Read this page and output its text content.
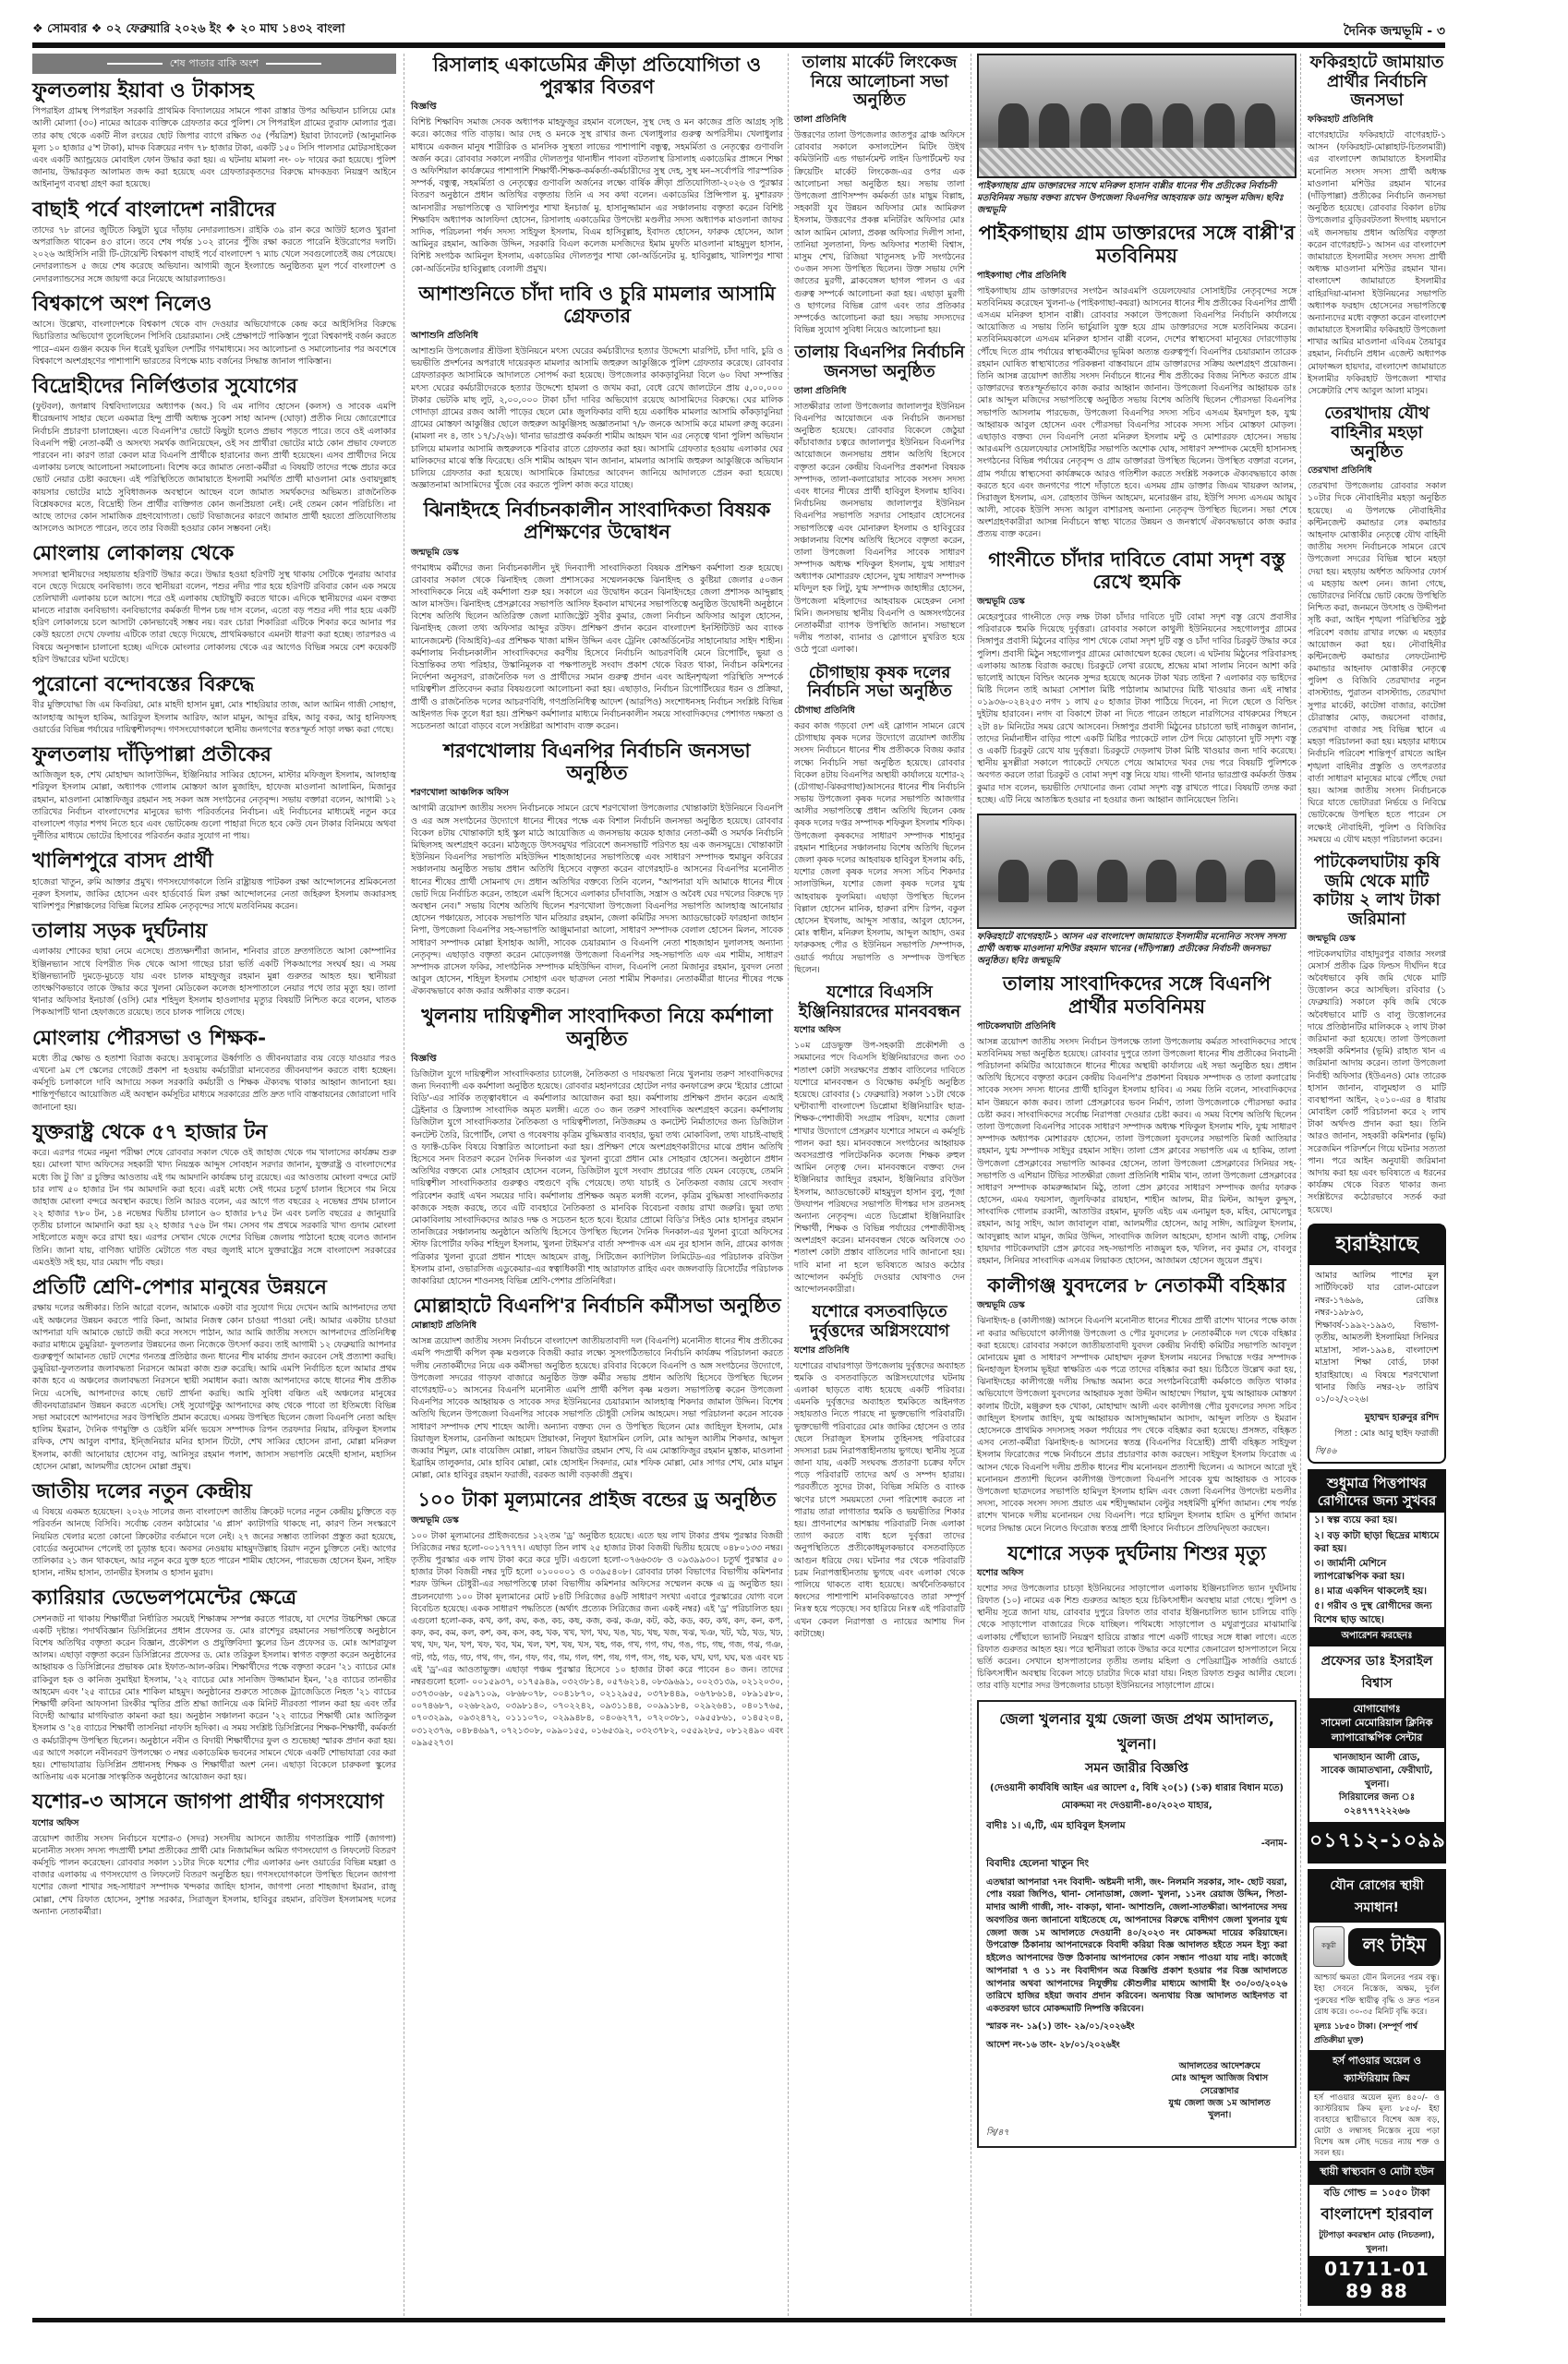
❖ সোমবার ❖ ০২ ফেব্রুয়ারি ২০২৬ ইং ❖ ২০ মাঘ ১৪৩২ বাংলা	দৈনিক জন্মভূমি - ৩
শেষ পাতার বাকি অংশ
ফুলতলায় ইয়াবা ও টাকাসহ
পিপরাইল গ্রামস্থ পিপরাইল সরকারি প্রাথমিক বিদ্যালয়ের সামনে পাকা রাস্তার উপর অভিযান চালিয়ে মোঃ আলী মোল্যা (৩০) নামের আরেক ব্যক্তিকে গ্রেফতার করে পুলিশ। সে পিপরাইল গ্রামের তুরাফ মোল্যার পুত্র। তার কাছ থেকে একটি নীল রংয়ের ছোট জিপার ব্যাগে রক্ষিত ৩৫ (পঁয়ত্রিশ) ইয়াবা ট্যাবলেট (আনুমানিক মূল্য ১০ হাজার ৫'শ টাকা), মাদক বিক্রয়ের নগদ ৭৮ হাজার টাকা, একটি ১৫০ সিসি পালসার মোটরসাইকেল এবং একটি অ্যান্ড্রয়েড মোবাইল ফোন উদ্ধার করা হয়। এ ঘটনায় মামলা নং- ০৮ দায়ের করা হয়েছে। পুলিশ জানায়, উদ্ধারকৃত আলামত জব্দ করা হয়েছে এবং গ্রেফতারকৃতদের বিরুদ্ধে মাদকদ্রব্য নিয়ন্ত্রণ আইনে আইনানুগ ব্যবস্থা গ্রহণ করা হয়েছে।
বাছাই পর্বে বাংলাদেশ নারীদের
তাদের ৭৮ রানের জুটিতে কিছুটা ঘুরে দাঁড়ায় নেদারল্যান্ডস। রাইকি ৩৯ রান করে আউট হলেও খুরানা অপরাজিত থাকেন ৪৩ রানে। তবে শেষ পর্যন্ত ১০২ রানের পুঁজি রক্ষা করতে পারেনি ইউরোপের দলটি। ২০২৬ আইসিসি নারী টি-টোয়েন্টি বিশ্বকাপ বাছাই পর্বে বাংলাদেশ ৭ ম্যাচ খেলে সবগুলোতেই জয় পেয়েছে। নেদারল্যান্ডস ৫ জয়ে শেষ করেছে অভিযান। আগামী জুনে ইংল্যান্ডে অনুষ্ঠিতব্য মূল পর্বে বাংলাদেশ ও নেদারল্যান্ডসের সঙ্গে জায়গা করে নিয়েছে আয়ারল্যান্ডও।
বিশ্বকাপে অংশ নিলেও
আসে। উল্লেখ্য, বাংলাদেশকে বিশ্বকাপ থেকে বাদ দেওয়ার অভিযোগকে কেন্দ্র করে আইসিসির বিরুদ্ধে দ্বিচারিতার অভিযোগ তুলেছিলেন পিসিবি চেয়ারম্যান। সেই প্রেক্ষাপটে পাকিস্তান পুরো বিশ্বকাপই বর্জন করতে পারে–এমন গুঞ্জন কয়েক দিন ধরেই ঘুরছিল দেশটির গণমাধ্যমে। সব আলোচনা ও সমালোচনার পর অবশেষে বিশ্বকাপে অংশগ্রহণের পাশাপাশি ভারতের বিপক্ষে ম্যাচ বর্জনের সিদ্ধান্ত জানাল পাকিস্তান।
বিদ্রোহীদের নির্লিপ্ততার সুযোগের
(ফুটবল), জগন্নাথ বিশ্ববিদ্যালয়ের অধ্যাপক (অব.) বি এম নাগিব হোসেন (কলস) ও সাবেক এমপি ধীরেন্দ্রনাথ সাহার ছেলে একমাত্র হিন্দু প্রার্থী অধ্যক্ষ সুকেশ সাহা আনন্দ (ঘোড়া) প্রতীক নিয়ে জোরেশোরে নির্বাচনি প্রচারণা চালাচ্ছেন। এতে বিএনপি'র ভোটে কিছুটা হলেও প্রভাব পড়তে পারে। তবে ওই এলাকার বিএনপি পন্থী নেতা-কর্মী ও অসংখ্য সমর্থক জানিয়েছেন, ওই সব প্রার্থীরা ভোটের মাঠে কোন প্রভাব ফেলতে পারবেন না। কারণ তারা কেবল মাত্র বিএনপি প্রার্থীকে হারানোর জন্য প্রার্থী হয়েছেন। এসব প্রার্থীদের নিয়ে এলাকায় চলছে আলোচনা সমালোচনা। বিশেষ করে জামাত নেতা-কর্মীরা এ বিষয়টি তাদের পক্ষে প্রচার করে ভোট নেয়ার চেষ্টা করছেন। এই পরিস্থিতিতে জামায়াতে ইসলামী সমর্থিত প্রার্থী মাওলানা মোঃ ওবায়দুল্লাহ কায়সার ভোটের মাঠে সুবিধাজনক অবস্থানে আছেন বলে জামাত সমর্থকদের অভিমত। রাজনৈতিক বিশ্লেষকদের মতে, বিদ্রোহী তিন প্রার্থীর ব্যক্তিগত কোন জনপ্রিয়তা নেই। নেই তেমন কোন পরিচিতি। না আছে তাদের কোন সামাজিক গ্রহণযোগ্যতা। ভোট বিভাজনের কারণে জামাত প্রার্থী হয়তো প্রতিযোগিতায় আসলেও আসতে পারেন, তবে তার বিজয়ী হওয়ার কোন সম্ভবনা নেই।
মোংলায় লোকালয় থেকে
সদস্যরা স্থানীয়দের সহায়তায় হরিণটি উদ্ধার করে। উদ্ধার হওয়া হরিণটি সুস্থ থাকায় সেটিকে পুনরায় আবার বনে ছেড়ে দিয়েছে বনবিভাগ। তবে স্থানীয়রা বলেন, পশুর নদীর পার হয়ে হরিণটি রবিবার কোন এক সময়ে তেলিখালী এলাকায় চলে আসে। পরে ওই এলাকায় ছোটাছুটি করতে থাকে। এদিকে স্থানীয়দের এমন বক্তব্য মানতে নারাজ বনবিভাগ। বনবিভাগের কর্মকর্তা দীপন চন্দ্র দাস বলেন, এতো বড় পশুর নদী পার হয়ে একটি হরিণ লোকালয়ে চলে আসাটা কোনভাবেই সম্ভব নয়। বরং চোরা শিকারিরা এটিকে শিকার করে আনার পর কেউ হয়তো দেখে ফেলায় এটিকে তারা ছেড়ে দিয়েছে, প্রাথমিকভাবে এমনটা ধারণা করা হচ্ছে। তারপরও এ বিষয়ে অনুসন্ধান চালানো হচ্ছে। এদিকে মোংলার লোকালয় থেকে এর আগেও বিভিন্ন সময়ে বেশ কয়েকটি হরিণ উদ্ধারের ঘটনা ঘটেছে।
পুরোনো বন্দোবস্তের বিরুদ্ধে
বীর মুক্তিযোদ্ধা জি এম কিবরিয়া, মোঃ মাহদী হাসান মুন্না, মোঃ শাহরিয়ার তাজ, আল আমিন গাজী সোহাগ, আলহাজ্ব আব্দুল হাকিম, আরিফুল ইসলাম আরিফ, আল মামুন, আব্দুর রহিম, আবু বকর, আবু হানিফসহ ওয়ার্ডের বিভিন্ন পর্যায়ের দায়িত্বশীলবৃন্দ। গণসংযোগকালে স্থানীয় জনগণের স্বতঃস্ফূর্ত সাড়া লক্ষ্য করা গেছে।
ফুলতলায় দাঁড়িপাল্লা প্রতীকের
আজিজুল হক, শেখ মোহাম্মদ আলাউদ্দিন, ইঞ্জিনিয়ার সাব্বির হোসেন, মাস্টার মফিজুল ইসলাম, আলহাজ্ব শরিফুল ইসলাম মোল্লা, অধ্যাপক গোলাম মোস্তফা আল মুজাহিদ, হাফেজ মাওলানা আলামিন, মিজানুর রহমান, মাওলানা মোস্তাফিজুর রহমান সহ সকল অঙ্গ সংগঠনের নেতৃবৃন্দ। সভায় বক্তারা বলেন, আগামী ১২ তারিখের নির্বাচন বাংলাদেশের মানুষের ভাগ্য পরিবর্তনের নির্বাচন। এই নির্বাচনের মাধ্যমেই নতুন করে বাংলাদেশ গড়ার শপথ নিতে হবে এবং ভোটকেন্দ্র গুলো পাহারা দিতে হবে কেউ যেন টাকার বিনিময়ে অথবা দুর্নীতির মাধ্যমে ভোটের হিসাবের পরিবর্তন করার সুযোগ না পায়।
খালিশপুরে বাসদ প্রার্থী
হাজেরা খাতুন, রুমি আক্তার প্রমুখ। গণসংযোগকালে তিনি রাষ্ট্রায়ত্ত পাটকল রক্ষা আন্দোলনের শ্রমিকনেতা নূরুল ইসলাম, জাকির হোসেন এবং হার্ডবোর্ড মিল রক্ষা আন্দোলনের নেতা জহিরুল ইসলাম জব্বারসহ খালিশপুর শিল্পাঞ্চলের বিভিন্ন মিলের শ্রমিক নেতৃবৃন্দের সাথে মতবিনিময় করেন।
তালায় সড়ক দুর্ঘটনায়
এলাকায় শোকের ছায়া নেমে এসেছে। প্রত্যক্ষদর্শীরা জানান, শনিবার রাতে দ্রুতগতিতে আসা কোম্পানির ইঞ্জিনভ্যান সাথে বিপরীত দিক থেকে আসা গাছের চারা ভর্তি একটি পিকআপের সংঘর্ষ হয়। এ সময় ইঞ্জিনভ্যানটি দুমড়ে-মুচড়ে যায় এবং চালক মাহফুজুর রহমান মুন্না গুরুতর আহত হয়। স্থানীয়রা তাৎক্ষণিকভাবে তাকে উদ্ধার করে খুলনা মেডিকেল কলেজ হাসপাতালে নেয়ার পথে তার মৃত্যু হয়। তালা থানার অফিসার ইনচার্জ (ওসি) মোঃ শহিদুল ইসলাম হাওলাদার মৃত্যুর বিষয়টি নিশ্চিত করে বলেন, ঘাতক পিকআপটি থানা হেফাজতে রয়েছে। তবে চালক পালিয়ে গেছে।
মোংলায় পৌরসভা ও শিক্ষক-
মধ্যে তীব্র ক্ষোভ ও হতাশা বিরাজ করছে। দ্রব্যমূল্যের ঊর্ধ্বগতি ও জীবনযাত্রার ব্যয় বেড়ে যাওয়ার পরও এখনো ৯ম পে স্কেলের গেজেট প্রকাশ না হওয়ায় কর্মচারীরা মানবেতর জীবনযাপন করতে বাধ্য হচ্ছেন। কর্মসূচি চলাকালে দাবি আদায়ে সকল সরকারি কর্মচারী ও শিক্ষক ঐক্যবদ্ধ থাকার আহ্বান জানানো হয়। শান্তিপূর্ণভাবে আয়োজিত এই অবস্থান কর্মসূচির মাধ্যমে সরকারের প্রতি দ্রুত দাবি বাস্তবায়নের জোরালো দাবি জানানো হয়।
যুক্তরাষ্ট্র থেকে ৫৭ হাজার টন
করে। এরপর গমের নমুনা পরীক্ষা শেষে রোববার সকাল থেকে ওই জাহাজ থেকে গম খালাসের কার্যক্রম শুরু হয়। মোংলা খাদ্য অফিসের সহকারী খাদ্য নিয়ন্ত্রক আব্দুস সোবহান সরদার জানান, যুক্তরাষ্ট্র ও বাংলাদেশের মধ্যে জি টু জি' র চুক্তির আওতায় এই গম আমদানি কার্যক্রম চালু রয়েছে। এর আওতায় মোংলা বন্দরে মোট চার লাখ ৫০ হাজার টন গম আমদানি করা হবে। এরই মধ্যে সেই গমের চতুর্থ চালান হিসেবে গম নিয়ে জাহাজ মোংলা বন্দরে অবস্থান করছে। তিনি আরও বলেন, এর আগে গত বছরের ২ নভেম্বর প্রথম চালানে ২২ হাজার ৭৮০ টন, ১৪ নভেম্বর দ্বিতীয় চালানে ৬০ হাজার ৮৭৫ টন এবং চলতি বছরের ৫ জানুয়ারি তৃতীয় চালানে আমদানি করা হয় ২২ হাজার ৭৫৬ টন গম। সেসব গম প্রথমে সরকারি খাদ্য গুদাম মোংলা সাইলোতে মজুদ করে রাখা হয়। এরপর সেখান থেকে দেশের বিভিন্ন জেলায় পাঠানো হচ্ছে বলেও জানান তিনি। জানা যায়, বাণিজ্য ঘাটতি মেটাতে গত বছর জুলাই মাসে যুক্তরাষ্ট্রের সঙ্গে বাংলাদেশ সরকারের এমওইউ সই হয়, যার মেয়াদ পাঁচ বছর।
প্রতিটি শ্রেণি-পেশার মানুষের উন্নয়নে
রক্ষায় দলের অঙ্গীকার। তিনি আরো বলেন, আমাকে একটা বার সুযোগ দিয়ে দেখেন আমি আপনাদের তথা এই অঞ্চলের উন্নয়ন করতে পারি কিনা, আমার নিজস্ব কোন চাওয়া পাওয়া নেই। আমার একটায় চাওয়া আপনারা যদি আমাকে ভোটে জয়ী করে সংসদে পাঠান, আর আমি জাতীয় সংসদে আপনাদের প্রতিনিধিত্ব করার মাধ্যমে ডুমুরিয়া- ফুলতলার উন্নয়নের জন্য নিজেকে উৎসর্গ করব। তাই আগামী ১২ ফেব্রুয়ারি আপনার গুরুত্বপূর্ণ আমানত ভোট দেশের গনতন্ত্র প্রতিষ্ঠার জন্য ধানের শীষ মার্কায় প্রদান করবেন সেই প্রত্যাশা করছি। ডুমুরিয়া-ফুলতলার জলাবদ্ধতা নিরসনে আমরা কাজ শুরু করেছি। আমি এমপি নির্বাচিত হলে আমার প্রথম কাজ হবে এ অঞ্চলের জলাবদ্ধতা নিরসনে স্থায়ী সমাধান করা। আজ আপনাদের কাছে ধানের শীষ প্রতীক নিয়ে এসেছি, আপনাদের কাছে ভোট প্রার্থনা করছি। আমি সুবিধা বঞ্চিত এই অঞ্চলের মানুষের জীবনযাত্রারমান উন্নয়ন করতে এসেছি। সেই সুযোগটুকু আপনাদের কাছ থেকে পাবো তা ইতিমধ্যে বিভিন্ন সভা সমাবেশে আপনাদের সরব উপস্থিতি প্রমান করেছে। এসময় উপস্থিত ছিলেন জেলা বিএনপি নেতা অহিদ হালিম ইমরান, দৈনিক গণমুক্তি ও ডেইলি মর্নিং ভয়েস সম্পাদক রিপন তরফদার নিয়াম, রফিকুল ইসলাম রফিক, শেখ আবুল বাশার, ইন্জিনিয়ার মনির হাসান টিটো, শেখ সাব্বির হোসেন রানা, মোল্লা মনিরুল ইসলাম, কাজী আনোয়ার হোসেন বাবু, আনিসুর রহমান পলাশ, জাসাস সভাপতি মেহেদী হাসান, মহাসিন হোসেন মোল্লা, আলমগীর হোসেন মোল্লা প্রমুখ।
জাতীয় দলের নতুন কেন্দ্রীয়
এ বিষয়ে একমত হয়েছেন। ২০২৬ সালের জন্য বাংলাদেশ জাতীয় ক্রিকেট দলের নতুন কেন্দ্রীয় চুক্তিতে বড় পরিবর্তন আনছে বিসিবি। সর্বোচ্চ বেতন কাঠামোর 'এ প্লাস' ক্যাটাগরি থাকছে না, কারণ তিন সংস্করণে নিয়মিত খেলার মতো কোনো ক্রিকেটার বর্তমানে দলে নেই। ২৭ জনের সম্ভাব্য তালিকা প্রস্তুত করা হয়েছে, বোর্ডের অনুমোদন পেলেই তা চূড়ান্ত হবে। অবসর নেওয়ায় মাহমুদউল্লাহ রিয়াদ নতুন চুক্তিতে নেই। আগের তালিকার ২১ জন থাকছেন, আর নতুন করে যুক্ত হতে পারেন শামীম হোসেন, পারভেজ হোসেন ইমন, সাইফ হাসান, নাঈম হাসান, তানভীর ইসলাম ও হাসান মুরাদ।
ক্যারিয়ার ডেভেলপমেন্টের ক্ষেত্রে
সেশনজট না থাকায় শিক্ষার্থীরা নির্ধারিত সময়েই শিক্ষাক্রম সম্পন্ন করতে পারছে, যা দেশের উচ্চশিক্ষা ক্ষেত্রে একটি দৃষ্টান্ত। পদার্থবিজ্ঞান ডিসিপ্লিনের প্রধান প্রফেসর ড. মোঃ রাশেদুর রহমানের সভাপতিত্বে অনুষ্ঠানে বিশেষ অতিথির বক্তৃতা করেন বিজ্ঞান, প্রকৌশল ও প্রযুক্তিবিদ্যা স্কুলের ডিন প্রফেসর ড. মোঃ আশরাফুল আলম। এছাড়া বক্তৃতা করেন ডিসিপ্লিনের প্রফেসর ড. মোঃ তরিকুল ইসলাম। স্বাগত বক্তৃতা করেন অনুষ্ঠানের আহ্বায়ক ও ডিসিপ্লিনের প্রভাষক মোঃ ইফাত-আল-করিম। শিক্ষার্থীদের পক্ষে বক্তৃতা করেন '২১ ব্যাচের মোঃ রাকিবুল হক ও কানিজ সুমাইয়া ইসলাম, '২২ ব্যাচের মোঃ সানজিদ উজ্জামান ইমন, '২৪ ব্যাচের তানভীর আহমেদ এবং '২৫ ব্যাচের মোঃ শাকিল মাহমুদ। অনুষ্ঠানের শুরুতে সাজেক ট্র্যাজেডিতে নিহত '২১ ব্যাচের শিক্ষার্থী রুবিনা আফসানা রিংকীর স্মৃতির প্রতি শ্রদ্ধা জানিয়ে এক মিনিট নীরবতা পালন করা হয় এবং তাঁর বিদেহী আত্মার মাগফিরাত কামনা করা হয়। অনুষ্ঠান সঞ্চালনা করেন '২২ ব্যাচের শিক্ষার্থী মোঃ আতিকুল ইসলাম ও '২৪ ব্যাচের শিক্ষার্থী তাসনিয়া নাফসি হৃদিকা। এ সময় সংশ্লিষ্ট ডিসিপ্লিনের শিক্ষক-শিক্ষার্থী, কর্মকর্তা ও কর্মচারীবৃন্দ উপস্থিত ছিলেন। অনুষ্ঠানে নবীন ও বিদায়ী শিক্ষার্থীদের ফুল ও শুভেচ্ছা স্মারক প্রদান করা হয়। এর আগে সকালে নবীনবরণ উপলক্ষ্যে ৩ নম্বর একাডেমিক ভবনের সামনে থেকে একটি শোভাযাত্রা বের করা হয়। শোভাযাত্রায় ডিসিপ্লিন প্রধানসহ শিক্ষক ও শিক্ষার্থীরা অংশ নেন। এছাড়া বিকেলে চারুকলা স্কুলের আঙিনায় এক মনোজ্ঞ সাংস্কৃতিক অনুষ্ঠানের আয়োজন করা হয়।
যশোর-৩ আসনে জাগপা প্রার্থীর গণসংযোগ
যশোর অফিস
ত্রয়োদশ জাতীয় সংসদ নির্বাচনে যশোর-৩ (সদর) সংসদীয় আসনে জাতীয় গণতান্ত্রিক পার্টি (জাগপা) মনোনীত সংসদ সদস্য পদপ্রার্থী চশমা প্রতীকের প্রার্থী মোঃ নিজামদ্দিন অমিত গণসংযোগ ও লিফলেট বিতরণ কর্মসূচি পালন করেছেন। রোববার সকাল ১১টার দিকে যশোর পৌর এলাকার ৬নং ওয়ার্ডের বিভিন্ন মহল্লা ও বাজার এলাকায় এ গণসংযোগ ও লিফলেট বিতরণ অনুষ্ঠিত হয়। গণসংযোগকালে উপস্থিত ছিলেন জাগপা যশোর জেলা শাখার সহ-সাধারণ সম্পাদক খন্দকার জাহিদ হাসান, জাগপা নেতা শাহজাদা ইমরান, রাজু মোল্লা, শেখ রিফাত হোসেন, সুশান্ত সরকার, সিরাজুল ইসলাম, হাবিবুর রহমান, রবিউল ইসলামসহ দলের অন্যান্য নেতাকর্মীরা।
রিসালাহ একাডেমির ক্রীড়া প্রতিযোগিতা ও পুরস্কার বিতরণ
বিজ্ঞপ্তি
বিশিষ্ট শিক্ষাবিদ সমাজ সেবক অধ্যাপক মাহফুজুর রহমান বলেছেন, সুস্থ দেহ ও মন কাজের প্রতি আগ্রহ সৃষ্টি করে। কাজের গতি বাড়ায়। আর দেহ ও মনকে সুস্থ রাখার জন্য খেলাধুলার গুরুত্ব অপরিসীম। খেলাধুলার মাধ্যমে একজন মানুষ শারীরিক ও মানসিক সুস্থতা লাভের পাশাপাশি বন্ধুত্ব, সহমর্মিতা ও নেতৃত্বের গুণাবলি অর্জন করে। রোববার সকালে নগরীর দৌলতপুর থানাধীন পাবলা বটতলাস্থ রিসালাহ একাডেমির প্রাঙ্গনে শিক্ষা ও অফিশিয়াল কার্যক্রমের পাশাপাশি শিক্ষার্থী-শিক্ষক-কর্মকর্তা-কর্মচারীদের সুস্থ দেহ, সুস্থ মন–সর্বোপরি পারস্পরিক সম্পর্ক, বন্ধুত্ব, সহমর্মিতা ও নেতৃত্বের গুণাবলি অর্জনের লক্ষ্যে বার্ষিক ক্রীড়া প্রতিযোগিতা-২০২৬ ও পুরস্কার বিতরণ অনুষ্ঠানে প্রধান অতিথির বক্তৃতায় তিনি এ সব কথা বলেন। একাডেমির প্রিন্সিপাল মু. মুশাররফ আনসারীর সভাপতিত্বে ও খালিশপুর শাখা ইনচার্জ মু. হাসানুজ্জামান এর সঞ্চালনায় বক্তৃতা করেন বিশিষ্ট শিক্ষাবিদ অধ্যাপক আলফিদা হোসেন, রিসালাহ একাডেমির উপদেষ্টা মণ্ডলীর সদস্য অধ্যাপক মাওলানা জাফর সাদিক, পরিচলনা পর্ষদ সদস্য সাইফুল ইসলাম, বিএম হাসিবুল্লাহ, ইবাদত হোসেন, ফারুক হোসেন, আল আমিনুর রহমান, আকিজ উদ্দিন, সরকারি বিএল কলেজ মসজিদের ইমাম মুফতি মাওলানা মাহমুদুল হাসান, বিশিষ্ট সংগঠক আমিনুল ইসলাম, একাডেমির দৌলতপুর শাখা কো-অর্ডিনেটর মু. হাবিবুল্লাহ, খালিশপুর শাখা কো-অর্ডিনেটর হাবিবুল্লাহ বেলালী প্রমুখ।
আশাশুনিতে চাঁদা দাবি ও চুরি মামলার আসামি গ্রেফতার
আশাশুনি প্রতিনিধি
আশাশুনি উপজেলার শ্রীউলা ইউনিয়নে মৎস্য ঘেরের কর্মচারীদের হত্যার উদ্দেশ্যে মারপিট, চাঁদা দাবি, চুরি ও ভয়ভীতি প্রদর্শনের অপরাধে দায়েরকৃত মামলার আসামি জহুরুল আকুঞ্জিকে পুলিশ গ্রেফতার করেছে। রোববার গ্রেফতারকৃত আসামিকে আদালতে সোপর্দ্দ করা হয়েছে। উপজেলার কাকড়াবুনিয়া বিলে ৬০ বিঘা সম্পত্তির মৎস্য ঘেরের কর্মচারীদেরকে হত্যার উদ্দেশ্যে হামলা ও জখম করা, বেধে রেখে জালটেনে প্রায় ৫,০০,০০০ টাকার ভেটকি মাছ লুট, ২,০০,০০০ টাকা চাঁদা দাবির অভিযোগ রয়েছে আসামিদের বিরুদ্ধে। ঘের মালিক গোদাড়া গ্রামের রজব আলী পাড়ের ছেলে মোঃ জুলফিকার বাদী হয়ে একাধিক মামলার আসামি কাঁকড়াবুনিয়া গ্রামের মোস্তফা আকুঞ্জির ছোলে জহুরুল আকুঞ্জিসহ অজ্ঞাতনামা ৭/৮ জনকে আসামি করে মামলা রুজু করেন। (মামলা নং ৪, তাং ১৭/১/২৬)। থানার ভারপ্রাপ্ত কর্মকর্তা শামীম আহমদ খান এর নেতৃত্বে থানা পুলিশ অভিযান চালিয়ে মামলার আসামি জহুরুলকে শরিবার রাতে গ্রেফতার করা হয়। আসামি গ্রেফতার হওয়ায় এলাকার ঘের মালিকদের মাঝে স্বস্তি ফিরেছে। ওসি শামীম আহমদ খান জানান, মামলার আসামি জহুরুল আকুঞ্জিকে অভিযান চালিয়ে গ্রেফতার করা হয়েছে। আসামিকে রিমান্ডের আবেদন জানিয়ে আদালতে প্রেরন করা হয়েছে। অজ্ঞাতনামা আসামিদের খুঁজে বের করতে পুলিশ কাজ করে যাচ্ছে।
ঝিনাইদহে নির্বাচনকালীন সাংবাদিকতা বিষয়ক প্রশিক্ষণের উদ্বোধন
জন্মভূমি ডেস্ক
গণমাধ্যম কর্মীদের জন্য নির্বাচনকালীন দুই দিনব্যাপী সাংবাদিকতা বিষয়ক প্রশিক্ষণ কর্মশালা শুরু হয়েছে। রোববার সকাল থেকে ঝিনাইদহ জেলা প্রশাসকের সম্মেলনকক্ষে ঝিনাইদহ ও কুষ্টিয়া জেলার ৫০জন সাংবাদিককে নিয়ে এই কর্মশালা শুরু হয়। সকালে এর উদ্বোধন করেন ঝিনাইদহের জেলা প্রশাসক আব্দুল্লাহ আল মাসউদ। ঝিনাইদহ প্রেসক্লাবের সভাপতি আসিফ ইকবাল মাখনের সভাপতিত্বে অনুষ্ঠিত উদ্বোধনী অনুষ্ঠানে বিশেষ অতিথি ছিলেন অতিরিক্ত জেলা ম্যাজিস্ট্রেট সুবীর কুমার, জেলা নির্বাচন অফিসার আবুল হোসেন, ঝিনাইদহ জেলা তথ্য অফিসার আব্দুর রউফ। প্রশিক্ষণ প্রদান করেন বাংলাদেশ ইনস্টিটিউট অব ব্যাংক ম্যানেজমেন্ট (বিআইবি)-এর প্রশিক্ষক খাজা মাঈন উদ্দিন এবং ট্রেনিং কোঅর্ডিনেটর সাহানোয়ার সাইদ শাহীন। কর্মশালায় নির্বাচনকালীন সাংবাদিকদের করণীয় হিসেবে নির্বাচনি আচরণবিধি মেনে রিপোর্টিং, ভুয়া ও বিভ্রান্তিকর তথ্য পরিহার, উস্কানিমূলক বা পক্ষপাতদুষ্ট সংবাদ প্রকাশ থেকে বিরত থাকা, নির্বাচন কমিশনের নির্দেশনা অনুসরণ, রাজনৈতিক দল ও প্রার্থীদের সমান গুরুত্ব প্রদান এবং আইনশৃঙ্খলা পরিস্থিতি সম্পর্কে দায়িত্বশীল প্রতিবেদন করার বিষয়গুলো আলোচনা করা হয়। এছাড়াও, নির্বাচন রিপোর্টিংয়ের ধরন ও প্রক্রিয়া, প্রার্থী ও রাজনৈতিক দলের আচরণবিধি, গণপ্রতিনিধিত্ব আদেশ (আরপিও) সংশোধনসহ নির্বাচন সংশ্লিষ্ট বিভিন্ন আইনগত দিক তুলে ধরা হয়। প্রশিক্ষণ কর্মশালার মাধ্যমে নির্বাচনকালীন সময়ে সাংবাদিকদের পেশাগত দক্ষতা ও সচেতনতা আরো বাড়বে বলে সংশ্লিষ্টরা আশাবাদ ব্যক্ত করেন।
শরণখোলায় বিএনপির নির্বাচনি জনসভা অনুষ্ঠিত
শরণখোলা আঞ্চলিক অফিস
আগামী ত্রয়োদশ জাতীয় সংসদ নির্বাচনকে সামনে রেখে শরণখোলা উপজেলার খোন্তাকাটা ইউনিয়নে বিএনপি ও এর অঙ্গ সংগঠনের উদ্যোগে ধানের শীষের পক্ষে এক বিশাল নির্বাচনি জনসভা অনুষ্ঠিত হয়েছে। রোববার বিকেল ৪টায় খোন্তাকাটা হাই স্কুল মাঠে আয়োজিত এ জনসভায় কয়েক হাজার নেতা-কর্মী ও সমর্থক নির্বাচনি মিছিলসহ অংশগ্রহণ করেন। মাঠজুড়ে উৎসবমুখর পরিবেশে জনসভাটি পরিণত হয় এক জনসমুদ্রে। খোন্তাকাটা ইউনিয়ন বিএনপির সভাপতি মহিউদ্দিন শাহজাহানের সভাপতিত্বে এবং সাধারণ সম্পাদক হুমায়ুন কবিরের সঞ্চালনায় অনুষ্ঠিত সভায় প্রধান অতিথি হিসেবে বক্তৃতা করেন বাগেরহাট-৪ আসনের বিএনপির মনোনীত ধানের শীষের প্রার্থী সোমনাথ দে। প্রধান অতিথির বক্তব্যে তিনি বলেন, "আপনারা যদি আমাকে ধানের শীষে ভোট দিয়ে নির্বাচিত করেন, তাহলে এমপি হিসেবে এলাকার চাঁদাবাজি, সন্ত্রাস ও অবৈধ ঘের দখলের বিরুদ্ধে দৃঢ় অবস্থান নেব।" সভায় বিশেষ অতিথি ছিলেন শরণখোলা উপজেলা বিএনপির সভাপতি আলহাজ্ব আনোয়ার হোসেন পঞ্চায়েত, সাবেক সভাপতি খান মতিয়ার রহমান, জেলা কমিটির সদস্য অ্যাডভোকেট ফারহানা জাহান নিপা, উপজেলা বিএনপির সহ-সভাপতি আঞ্জুমানারা আলো, সাধারণ সম্পাদক বেলাল হোসেন মিলন, সাবেক সাধারণ সম্পাদক মোল্লা ইসাহাক আলী, সাবেক চেয়ারম্যান ও বিএনপি নেতা শাহজাহান দুলালসহ অন্যান্য নেতৃবৃন্দ। এছাড়াও বক্তৃতা করেন মোড়েলগঞ্জ উপজেলা বিএনপির সহ-সভাপতি এফ এম শামীম, সাধারণ সম্পাদক রাসেল ফকির, সাংগঠনিক সম্পাদক মহিউদ্দিন বাদল, বিএনপি নেতা মিজানুর রহমান, যুবদল নেতা আবুল হোসেন, শহিদুল ইসলাম সোহাগ এবং ছাত্রদল নেতা শামীম শিকদার। নেতাকর্মীরা ধানের শীষের পক্ষে ঐক্যবদ্ধভাবে কাজ করার অঙ্গীকার ব্যক্ত করেন।
খুলনায় দায়িত্বশীল সাংবাদিকতা নিয়ে কর্মশালা অনুষ্ঠিত
বিজ্ঞপ্তি
ডিজিটাল যুগে দায়িত্বশীল সাংবাদিকতার চ্যালেঞ্জ, নৈতিকতা ও দায়বদ্ধতা নিয়ে খুলনায় তরুণ সাংবাদিকদের জন্য দিনব্যাপী এক কর্মশালা অনুষ্ঠিত হয়েছে। রোববার মহানগরের হোটেল নগর কনফারেন্স রুমে 'ইয়োর প্রোমো বিডি'-এর সার্বিক তত্ত্বাবধানে এ কর্মশালার আয়োজন করা হয়। কর্মশালায় প্রশিক্ষণ প্রদান করেন এআই ট্রেইনার ও ফ্রিল্যান্স সাংবাদিক অমৃত মলঙ্গী। এতে ৩০ জন তরুণ সাংবাদিক অংশগ্রহণ করেন। কর্মশালায় ডিজিটাল যুগে সাংবাদিকতার নৈতিকতা ও দায়িত্বশীলতা, নিউজরুম ও কনটেন্ট নির্মাতাদের জন্য ডিজিটাল কনটেন্ট তৈরি, রিপোর্টিং, লেখা ও গবেষণায় কৃত্রিম বুদ্ধিমত্তার ব্যবহার, ভুয়া তথ্য মোকাবিলা, তথ্য যাচাই-বাছাই ও ফ্যাক্ট-চেকিং বিষয়ে বিস্তারিত আলোচনা করা হয়। প্রশিক্ষণ শেষে অংশগ্রহণকারীদের মাঝে প্রধান অতিথি হিসেবে সনদ বিতরণ করেন দৈনিক দিনকাল এর খুলনা ব্যুরো প্রধান মোঃ সোহরাব হোসেন। অনুষ্ঠানে প্রধান অতিথির বক্তব্যে মোঃ সোহরাব হোসেন বলেন, ডিজিটাল যুগে সংবাদ প্রচারের গতি যেমন বেড়েছে, তেমনি দায়িত্বশীল সাংবাদিকতার গুরুত্বও বহুগুণে বৃদ্ধি পেয়েছে। তথ্য যাচাই ও নৈতিকতা বজায় রেখে সংবাদ পরিবেশন করাই এখন সময়ের দাবি। কর্মশালায় প্রশিক্ষক অমৃত মলঙ্গী বলেন, কৃত্রিম বুদ্ধিমত্তা সাংবাদিকতার কাজকে সহজ করছে, তবে এটি ব্যবহারে নৈতিকতা ও মানবিক বিবেচনা বজায় রাখা জরুরি। ভুয়া তথ্য মোকাবিলায় সাংবাদিকদের আরও দক্ষ ও সচেতন হতে হবে। ইয়োর প্রোমো বিডি'র সিইও মোঃ হাসানুর রহমান তানজিরের সঞ্চালনায় অনুষ্ঠানে অতিথি হিসেবে উপস্থিত ছিলেন দৈনিক দিনকাল-এর খুলনা ব্যুরো অফিসের স্টাফ রিপোর্টার ফকির শহিদুল ইসলাম, খুলনা টাইমস'র বার্তা সম্পাদক এস এম নুর হাসান জনি, গ্রামের কাগজ পত্রিকার খুলনা ব্যুরো প্রধান শাহেদ আহমেদ রাজু, সিটিজেন ক্যাপিটাল লিমিটেড-এর পরিচালক রবিউল ইসলাম রানা, ওভারসিজ এডুকেয়ার-এর স্বত্বাধিকারী শাহ আরাফাত রাহিব এবং জঙ্গলবাড়ি রিসোর্টের পরিচালক জাকারিয়া হোসেন শাওনসহ বিভিন্ন শ্রেণি-পেশার প্রতিনিধিরা।
মোল্লাহাটে বিএনপি'র নির্বাচনি কর্মীসভা অনুষ্ঠিত
মোল্লাহাট প্রতিনিধি
আসন্ন ত্রয়োদশ জাতীয় সংসদ নির্বাচনে বাংলাদেশ জাতীয়তাবাদী দল (বিএনপি) মনোনীত ধানের শীষ প্রতীকের এমপি পদপ্রার্থী কপিল কৃষ্ণ মণ্ডলকে বিজয়ী করার লক্ষ্যে সুসংগঠিতভাবে নির্বাচনি কার্যক্রম পরিচালনা করতে দলীয় নেতাকর্মীদের নিয়ে এক কর্মীসভা অনুষ্ঠিত হয়েছে। রবিবার বিকেলে বিএনপি ও অঙ্গ সংগঠনের উদ্যোগে, উপজেলা সদরের গাড়ফা বাজারে অনুষ্ঠিত উক্ত কর্মীর সভায় প্রধান অতিথি হিসেবে উপস্থিত ছিলেন বাগেরহাট-০১ আসনের বিএনপি মনোনীত এমপি প্রার্থী কপিল কৃষ্ণ মণ্ডল। সভাপতিত্ব করেন উপজেলা বিএনপির সাবেক আহ্বায়ক ও সাবেক সদর ইউনিয়নের চেয়ারম্যান আলহাজ্ব শিকদার জামাল উদ্দিন। বিশেষ অতিথি ছিলেন উপজেলা বিএনপির সাবেক সভাপতি চৌধুরী সেলিম আহমেদ। সভা পরিচালনা করেন সাবেক সাধারণ সম্পাদক শেখ শাহেদ আলী। অন্যান্য বক্তব্য দেন ও উপস্থিত ছিলেন মোঃ জাহিদুল ইসলাম, মোঃ রিয়াজুল ইসলাম, রেনজিনা আহমেদ প্রিয়াংকা, নিলুফা ইয়াসমিন লেলি, মোঃ আব্দুল আলীম শিকদার, আব্দুল জব্বার শিমুল, মোঃ বায়েজিদ মোল্লা, লায়ন জিয়াউর রহমান শেখ, বি এম মোস্তাফিজুর রহমান মুস্তাক, মাওলানা ইব্রাহিম তালুকদার, মোঃ হাবিব মোল্লা, মোঃ হোসাইন সিকদার, মোঃ শফিক মোল্লা, মোঃ সাগর শেখ, মোঃ মামুন মোল্লা, মোঃ হাবিবুর রহমান ফরাজী, বরকত আলী বড়কাজী প্রমুখ।
১০০ টাকা মূল্যমানের প্রাইজ বন্ডের ড্র অনুষ্ঠিত
জন্মভূমি ডেস্ক
১০০ টাকা মূল্যমানের প্রাইজবন্ডের ১২২তম 'ড্র' অনুষ্ঠিত হয়েছে। এতে ছয় লাখ টাকার প্রথম পুরস্কার বিজয়ী সিরিজের নম্বর হলো-০০১৭৭৭৭। এছাড়া তিন লাখ ২৫ হাজার টাকা বিজয়ী দ্বিতীয় হয়েছে ০৪৮০১৩৩ নম্বর। তৃতীয় পুরস্কার এক লাখ টাকা করে করে দুটি। এগুলো হলো-০৭৬৬৩৩৮ ও ০৯৩৯৯৩০। চতুর্থ পুরস্কার ৫০ হাজার টাকা বিজয়ী নম্বর দুটি হলো ০১০০০০১ ও ০৩৯৫৪০৮। রোববার ঢাকা বিভাগের বিভাগীয় কমিশনার শরফ উদ্দিন চৌধুরী-এর সভাপতিত্বে ঢাকা বিভাগীয় কমিশনার অফিসের সম্মেলন কক্ষে এ ড্র অনুষ্ঠিত হয়। প্রচলনযোগ্য ১০০ টাকা মূল্যমানের মোট ৮৪টি সিরিজের ৪৬টি সাধারণ সংখ্যা এবারে পুরস্কারের যোগ্য বলে বিবেচিত হয়েছে। একক সাধারণ পদ্ধতিতে (অর্থাৎ প্রত্যেক সিরিজের জন্য একই নম্বর) এই 'ড্র' পরিচালিত হয়। এগুলো হলো-কক, কখ, কগ, কঘ, কঙ, কচ, কছ, কজ, কঝ, কঞ, কট, কঠ, কড, কঢ, কথ, কদ, কন, কপ, কফ, কব, কম, কল, কশ, কষ, কস, কহ, খক, খখ, খগ, খঘ, খঙ, খচ, খছ, খজ, খঝ, খঞ, খট, খঠ, খড, খঢ, খথ, খদ, খন, খপ, খফ, খব, খম, খল, খশ, খষ, খস, খহ, গক, গখ, গগ, গঘ, গঙ, গচ, গছ, গজ, গঝ, গঞ, গট, গঠ, গড, গঢ, গথ, গদ, গন, গফ, গব, গম, গল, গশ, গষ, গপ, গস, গহ, ঘক, ঘখ, ঘগ, ঘঘ, ঘঙ এবং ঘচ এই 'ড্র'-এর আওতাভুক্ত। এছাড়া পঞ্চম পুরস্কার হিসেবে ১০ হাজার টাকা করে পাবেন ৪০ জন। তাদের নম্বরগুলো হলো- ০০১৫৯৩৭, ০১৭৫৯৪৯, ০৩২৩৮১৪, ০৫৭৬২১৪, ০৮৩৯৬৯১, ০০২৩১৩৯, ০২১২০৩০, ০৩৭৩০৬৮, ০৫৯৭১০৯, ০৮৬৮০৭৮, ০০৪১৮৭০, ০২১২৯৫৫, ০৩৭৮৪৪৯, ০৬৭৮৬১৪, ০৮৯১৫৮০, ০০৭৪৬৮৭, ০২৬৮২৯৩, ০৩৯৮১৪০, ০৭০২২৪২, ০৯৩১১৪৪, ০০৯৯১৮৪, ০২৯২৬৪১, ০৪০১৭৬৫, ০৭০৩২৯৯, ০৯৩২৪৭২, ০১১১০৭০, ০২৯৯৪৮৪, ০৪০৬২৭৭, ০৭২০৩৮১, ০৯৫৫৮৬১, ০১৪৫২০৪, ০৩১২৩৭৬, ০৪৮৪৬৯৭, ০৭২১৩০৮, ০৯৯০১৫৫, ০১৬৫৩৯২, ০৩২৩৭৮২, ০৫৫৯২৮৫, ০৮১২৪৯০ এবং ০৯৯৫২৭৩।
তালায় মার্কেট লিংকেজ নিয়ে আলোচনা সভা অনুষ্ঠিত
তালা প্রতিনিধি
উত্তরণের তালা উপজেলার জাতপুর ব্রাঞ্চ অফিসে রোববার সকালে কসালটেশন মিটিং উইথ কমিউনিটি এন্ড গভার্নমেন্ট লাইন ডিপার্টমেন্ট ফর ক্রিয়েটিং মার্কেট লিংকেজ-এর ওপর এক আলোচনা সভা অনুষ্ঠিত হয়। সভায় তালা উপজেলা প্রাণিসম্পদ কর্মকর্তা ডাঃ মাছুম বিল্লাহ, সহকারী যুব উন্নয়ন অফিসার মোঃ আমিরুল ইসলাম, উত্তরণের প্রকল্প মনিটরিং অফিসার মোঃ আল আমিন মোল্যা, প্রকল্প অফিসার দিলীপ সানা, তানিয়া সুলতানা, ফিল্ড অফিসার শতাব্দী বিশ্বাস, মাসুম শেখ, রিজিয়া খাতুনসহ ৮টি সংগঠনের ৩০জন সদস্য উপস্থিত ছিলেন। উক্ত সভায় দেশি জাতের মুরগী, ব্লাকবেঙ্গল ছাগল পালন ও এর গুরুত্ব সম্পর্কে আলোচনা করা হয়। এছাড়া মুরগী ও ছাগলের বিভিন্ন রোগ এবং তার প্রতিকার সম্পর্কেও আলোচনা করা হয়। সভায় সদস্যদের বিভিন্ন সুযোগ সুবিধা নিয়েও আলোচনা হয়।
তালায় বিএনপির নির্বাচনি জনসভা অনুষ্ঠিত
তালা প্রতিনিধি
সাতক্ষীরার তালা উপজেলার জালালপুর ইউনিয়ন বিএনপির আয়োজনে এক নির্বাচনি জনসভা অনুষ্ঠিত হয়েছে। রোববার বিকেলে জেঠুয়া কাঁচাবাজার চত্বরে জালালপুর ইউনিয়ন বিএনপির আয়োজনে জনসভায় প্রধান অতিথি হিসেবে বক্তৃতা করেন কেন্দ্রীয় বিএনপির প্রকাশনা বিষয়ক সম্পাদক, তালা-কলারোয়ার সাবেক সংসদ সদস্য এবং ধানের শীষের প্রার্থী হাবিবুল ইসলাম হাবিব। নির্বাচনিয় জনসভায় জালালপুর ইউনিয়ন বিএনপির সভাপতি সরদার সোহরাব হোসেনের সভাপতিত্বে এবং মোনারুল ইসলাম ও হাবিবুরের সঞ্চালনায় বিশেষ অতিথি হিসেবে বক্তৃতা করেন, তালা উপজেলা বিএনপির সাবেক সাধারণ সম্পাদক অধ্যক্ষ শফিকুল ইসলাম, যুগ্ম সাধারণ অধ্যাপক মোশাররফ হোসেন, যুগ্ম সাধারণ সম্পাদক মফিদুল হক লিটু, যুগ্ম সম্পাদক জাহাঙ্গীর হোসেন, উপজেলা মহিলাদের আহবায়ক মেহেরুন নেসা মিনি। জনসভায় স্থানীয় বিএনপি ও অঙ্গসংগঠনের নেতাকর্মীরা ব্যাপক উপস্থিতি জানান। সভাস্থলে দলীয় পতাকা, ব্যানার ও স্লোগানে মুখরিত হয়ে ওঠে পুরো এলাকা।
চৌগাছায় কৃষক দলের নির্বাচনি সভা অনুষ্ঠিত
চৌগাছা প্রতিনিধি
করব কাজ গড়বো দেশ এই স্লোগান সামনে রেখে চৌগাছায় কৃষক দলের উদ্যোগে ত্রয়োদশ জাতীয় সংসদ নির্বাচনে ধানের শীষ প্রতীককে বিজয় করার লক্ষ্যে নির্বাচনি সভা অনুষ্ঠিত হয়েছে। রোববার বিকেল ৪টায় বিএনপির অস্থায়ী কার্যালয়ে যশোর-২ (চৌগাছা-ঝিকরগাছা)আসনের ধানের শীষ নির্বাচনি সভায় উপজেলা কৃষক দলের সভাপতি আজগার আলীর সভাপতিত্বে প্রধান অতিথি ছিলেন কেন্দ্র কৃষক দলের দপ্তর সম্পাদক শফিকুল ইসলাম শফিক। উপজেলা কৃষকদের সাধারণ সম্পাদক শাহানুর রহমান শাহিনের সঞ্চালনায় বিশেষ অতিথি ছিলেন জেলা কৃষক দলের আহবায়ক হাবিবুল ইসলাম কচি, যশোর জেলা কৃষক দলের সদস্য সচিব শিকদার সালাউদ্দিন, যশোর জেলা কৃষক দলের যুগ্ম আহবায়ক ফুলমিয়া। এছাড়া উপস্থিত ছিলেন বিল্লাল হোসেন মানিক, হারুনা রশিদ রিপন, বকুল হোসেন ইখলাছ, আব্দুস সাত্তার, আবুল হোসেন, মোঃ স্বাধীন, মনিরুল ইসলাম, আব্দুল আহাদ, ওমর ফারুকসহ পৌর ও ইউনিয়ন সভাপতি /সম্পাদক, ওয়ার্ড পর্যায়ে সভাপতি ও সম্পাদক উপস্থিত ছিলেন।
যশোরে বিএসসি ইঞ্জিনিয়ারদের মানববন্ধন
যশোর অফিস
১০ম গ্রেডভুক্ত উপ-সহকারী প্রকৌশলী ও সমমানের পদে বিএসসি ইঞ্জিনিয়ারদের জন্য ৩৩ শতাংশ কোটা সংরক্ষণের প্রস্তাব বাতিলের দাবিতে যশোরে মানববন্ধন ও বিক্ষোভ কর্মসূচি অনুষ্ঠিত হয়েছে। রোববার (১ ফেব্রুয়ারি) সকাল ১১টা থেকে ঘন্টাব্যাপী বাংলাদেশ ডিপ্লোমা ইঞ্জিনিয়ারিং ছাত্র-শিক্ষক-পেশাজীবী সংগ্রাম পরিষদ, যশোর জেলা শাখার উদ্যোগে প্রেসক্লাব যশোরে সামনে এ কর্মসূচি পালন করা হয়। মানববন্ধনে সংগঠনের আহ্বায়ক অবসরপ্রাপ্ত পলিটেকনিক কলেজ শিক্ষক রুহুল আমিন নেতৃত্ব দেন। মানববন্ধনে বক্তব্য দেন ইঞ্জিনিয়ার জাহিদুর রহমান, ইঞ্জিনিয়ার রবিউল ইসলাম, অ্যাডভোকেট মাহমুদুল হাসান বুলু, পূজা উদযাপন পরিষদের সভাপতি দীপঙ্কর দাস রতনসহ অন্যান্য নেতৃবৃন্দ। এতে ডিপ্লোমা ইঞ্জিনিয়ারিং শিক্ষার্থী, শিক্ষক ও বিভিন্ন পর্যায়ের পেশাজীবীসহ অংশগ্রহণ করেন। মানববন্ধন থেকে অবিলম্বে ৩৩ শতাংশ কোটা প্রস্তাব বাতিলের দাবি জানানো হয়। দাবি মানা না হলে ভবিষ্যতে আরও কঠোর আন্দোলন কর্মসূচি দেওয়ার ঘোষণাও দেন আন্দোলনকারীরা।
যশোরে বসতবাড়িতে দুর্বৃত্তদের অগ্নিসংযোগ
যশোর প্রতিনিধি
যশোরের বাঘারপাড়া উপজেলায় দুর্বৃত্তদের অব্যাহত হুমকি ও বসতবাড়িতে অগ্নিসংযোগের ঘটনায় এলাকা ছাড়তে বাধ্য হয়েছে একটি পরিবার। এমনকি দুর্বৃত্তদের অব্যাহত হুমকিতে আইনগত সহায়তাও নিতে পারছে না ভুক্তভোগি পরিবারটি। ভুক্তভোগী পরিবারের মোঃ জাকির হোসেন ও তার ছেলে সিরাজুল ইসলাম তুহিনসহ পরিবারের সদস্যরা চরম নিরাপত্তাহীনতায় ভুগছে। স্থানীয় সূত্রে জানা যায়, একটি সংঘবদ্ধ প্রতারণা চক্রের ফাঁদে পড়ে পরিবারটি তাদের অর্থ ও সম্পদ হারায়। পরবর্তীতে সুদের টাকা, বিভিন্ন সমিতি ও ব্যাংক ঋণের চাপে সময়মতো দেনা পরিশোধ করতে না পারায় তারা লাগাতার হুমকি ও ভয়ভীতির শিকার হয়। প্রাণনাশের আশঙ্কায় পরিবারটি নিজ এলাকা ত্যাগ করতে বাধ্য হলে দুর্বৃত্তরা তাদের অনুপস্থিতিতে প্রতীকোধমূলকভাবে বসতবাড়িতে আগুন ধরিয়ে দেয়। ঘটনার পর থেকে পরিবারটি চরম নিরাপত্তাহীনতায় ভুগছে এবং এলাকা থেকে পালিয়ে থাকতে বাধ্য হয়েছে। অর্থনৈতিকভাবে ধ্বংসের পাশাপাশি মানবিকভাবেও তারা সম্পূর্ণ নিঃস্ব হয়ে পড়েছে। সব হারিয়ে নিঃস্ব এই পরিবারটি এখন কেবল নিরাপত্তা ও ন্যায়ের আশায় দিন কাটাচ্ছে।
পাইকগাছায় গ্রাম ডাক্তারদের সাথে মনিরুল হাসান বাপ্পীর ধানের শীষ প্রতীকের নির্বাচনী মতবিনিময় সভায় বক্তব্য রাখেন উপজেলা বিএনপির আহবায়ক ডাঃ আব্দুল মজিদ। ছবিঃ জন্মভূমি
পাইকগাছায় গ্রাম ডাক্তারদের সঙ্গে বাপ্পী'র মতবিনিময়
পাইকগাছা পৌর প্রতিনিধি
পাইকগাছায় গ্রাম ডাক্তারদের সংগঠন আরএমপি ওয়েলফেয়ার সোসাইটির নেতৃবৃন্দের সঙ্গে মতবিনিময় করেছেন খুলনা-৬ (পাইকগাছা-কয়রা) আসনের ধানের শীষ প্রতীকের বিএনপির প্রার্থী এসএম মনিরুল হাসান বাপ্পী। রোববার সকালে উপজেলা বিএনপির নির্বাচনি কার্যালয়ে আয়োজিত এ সভায় তিনি ভার্চুয়ালি যুক্ত হয়ে গ্রাম ডাক্তারদের সঙ্গে মতবিনিময় করেন। মতবিনিময়কালে এসএম মনিরুল হাসান বাপ্পী বলেন, দেশের স্বাস্থ্যসেবা মানুষের দোরগোড়ায় পৌঁছে দিতে গ্রাম পর্যায়ের স্বাস্থ্যকর্মীদের ভূমিকা অত্যন্ত গুরুত্বপূর্ণ। বিএনপির চেয়ারম্যান তারেক রহমান ঘোষিত স্বাস্থ্যখাতের পরিকল্পনা বাস্তবায়নে গ্রাম ডাক্তারদের সক্রিয় অংশগ্রহণ প্রয়োজন। তিনি আসন্ন ত্রয়োদশ জাতীয় সংসদ নির্বাচনে ধানের শীষ প্রতীকের বিজয় নিশ্চিত করতে গ্রাম ডাক্তারদের স্বতঃস্ফূর্তভাবে কাজ করার আহ্বান জানান। উপজেলা বিএনপির আহ্বায়ক ডাঃ মোঃ আব্দুল মজিদের সভাপতিত্বে অনুষ্ঠিত সভায় বিশেষ অতিথি ছিলেন পৌরসভা বিএনপির সভাপতি আসলাম পারভেজ, উপজেলা বিএনপির সদস্য সচিব এসএম ইমদাদুল হক, যুগ্ম আহ্বায়ক আবুল হোসেন এবং পৌরসভা বিএনপির সাবেক সদস্য সচিব মোস্তফা মোড়ল। এছাড়াও বক্তব্য দেন বিএনপি নেতা মনিরুল ইসলাম মন্টু ও মোশাররফ হোসেন। সভায় আরএমপি ওয়েলফেয়ার সোসাইটির সভাপতি অশোক ঘোষ, সাধারণ সম্পাদক মেহেদী হাসানসহ সংগঠনের বিভিন্ন পর্যায়ের নেতৃবৃন্দ ও গ্রাম ডাক্তাররা উপস্থিত ছিলেন। উপস্থিত বক্তারা বলেন, গ্রাম পর্যায়ে স্বাস্থ্যসেবা কার্যক্রমকে আরও গতিশীল করতে সংশ্লিষ্ট সকলকে ঐক্যবদ্ধভাবে কাজ করতে হবে এবং জনগণের পাশে দাঁড়াতে হবে। এসময় গ্রাম ডাক্তার জিএম খায়রুল আলম, সিরাজুল ইসলাম, এস. রোহতাব উদ্দিন আহমেদ, মনোরঞ্জন রায়, ইউপি সদস্য এসএম আয়ুব আলী, সাবেক ইউপি সদস্য আবুল বাশারসহ অন্যান্য নেতৃবৃন্দ উপস্থিত ছিলেন। সভা শেষে অংশগ্রহণকারীরা আসন্ন নির্বাচনে স্বাস্থ্য খাতের উন্নয়ন ও জনস্বার্থে ঐক্যবদ্ধভাবে কাজ করার প্রত্যয় ব্যক্ত করেন।
গাংনীতে চাঁদার দাবিতে বোমা সদৃশ বস্তু রেখে হুমকি
জন্মভূমি ডেস্ক
মেহেরপুরের গাংনীতে দেড় লক্ষ টাকা চাঁদার দাবিতে দুটি বোমা সদৃশ বস্তু রেখে প্রবাসীর পরিবারকে হুমকি দিয়েছে দুর্বৃত্তরা। রোববার সকালে কাথুলী ইউনিয়নের সহগোলপুর গ্রামের সিঙ্গাপুর প্রবাসী মিঠুনের বাড়ির পাশ থেকে বোমা সদৃশ দুটি বস্তু ও চাঁদা দাবির চিরকুট উদ্ধার করে পুলিশ। প্রবাসী মিঠুন সহগোলপুর গ্রামের মোজাম্মেল হকের ছেলে। এ ঘটনায় মিঠুনের পরিবারসহ এলাকায় আতঙ্ক বিরাজ করছে। চিরকুটে লেখা রয়েছে, শ্রদ্ধেয় মামা সালাম নিবেন আশা করি ভালোই আছেন বিল্ডিং অনেক সুন্দর হয়েছে অনেক টাকা খরচ তাইনা ? এলাকার বড় ভাইদের মিষ্টি দিলেন তাই আমরা সোশাল মিষ্টি পাঠালাম আমাদের মিষ্টি খাওয়ার জন্য এই নাম্বার ০১৯৩৬-০২৪২৫৩ নগদ ১ লাখ ৫০ হাজার টাকা পাঠিয়ে দিবেন, না দিলে ছেলে ও বিল্ডিং দুইটায় হারাবেন। নগদ বা বিকাশে টাকা না দিতে পারেন তাহলে নারগিসের বাথরুমের পিছনে ২টা ৪৮ মিনিটের সময় রেখে আসবেন। সিঙ্গাপুর প্রবাসী মিঠুনের চাচাতো ভাই নাজমুল জানান, তাদের নির্মানাধীন বাড়ির পাশে একটি মিষ্টির প্যাকেটে লাল টেপ দিয়ে মোড়ানো দুটি সদৃশ্য বস্তু ও একটি চিরকুট রেখে যায় দুর্বৃত্তরা। চিরকুটে দেড়লাখ টাকা মিষ্টি খাওয়ার জন্য দাবি করেছে। স্থানীয় মুসল্লীরা সকালে প্যাকেটে দেখতে পেয়ে আমাদের খবর দেয় পরে বিষয়টি পুলিশকে অবগত করলে তারা চিরকুট ও বোমা সদৃশ বস্তু নিয়ে যায়। গাংনী থানার ভারপ্রাপ্ত কর্মকর্তা উত্তম কুমার দাস বলেন, ভয়ভীতি দেখানোর জন্য বোমা সদৃশ্য বস্তু রাখতে পারে। বিষয়টি তদন্ত করা হচ্ছে। এটি নিয়ে আতঙ্কিত হওয়ার না হওয়ার জন্য আহ্বান জানিয়েছেন তিনি।
ফকিরহাটে বাগেরহাট-১ আসন এর বাংলাদেশ জামায়াতে ইসলামীর মনোনিত সংসদ সদস্য প্রার্থী অধ্যক্ষ মাওলানা মশিউর রহমান খানের (দাঁড়িপাল্লা) প্রতীকের নির্বাচনী জনসভা অনুষ্ঠিত। ছবিঃ জন্মভূমি
তালায় সাংবাদিকদের সঙ্গে বিএনপি প্রার্থীর মতবিনিময়
পাটকেলঘাটা প্রতিনিধি
আসন্ন ত্রয়োদশ জাতীয় সংসদ নির্বাচন উপলক্ষে তালা উপজেলায় কর্মরত সাংবাদিকদের সাথে মতবিনিময় সভা অনুষ্ঠিত হয়েছে। রোববার দুপুরে তালা উপজেলা ধানের শীষ প্রতীকের নিবাচনী পরিচালনা কমিটির আয়োজনে ধানের শীষের অস্থায়ী কার্যালয়ে এই সভা অনুষ্ঠিত হয়। প্রধান অতিথি হিসেবে বক্তৃতা করেন কেন্দ্রীয় বিএনপি'র প্রকাশনা বিষয়ক সম্পাদক ও তালা কলারোয় সাবেক সংসদ সদস্য ধানের প্রার্থী হাবিবুল ইসলাম হাবিব। এ সময় তিনি বলেন, সাংবাদিকদের মান উন্নয়নে কাজ করব। তালা প্রেসক্লাবের ভবন নির্মাণ, তালা উপজেলাকে পৌরসভা করার চেষ্টা করব। সাংবাদিকদের সর্বোচ্চ নিরাপত্তা দেওয়ার চেষ্টা করব। এ সময় বিশেষ অতিথি ছিলেন তালা উপজেলা বিএনপির সাবেক সাধারণ সম্পাদক অধ্যক্ষ শফিকুল ইসলাম শফি, যুগ্ম সাধারণ সম্পাদক অধ্যাপক মোশাররফ হোসেন, তালা উপজেলা যুবদলের সভাপতি মির্জা আতিয়ার রহমান, যুগ্ম সম্পাদক সাইদুর রহমান সাইদ। তালা প্রেস ক্লাবের সভাপতি এম এ হাকিম, তালা উপজেলা প্রেসক্লাবের সভাপতি আকবর হোসেন, তালা উপজেলা প্রেসক্লাবের সিনিয়র সহ-সভাপতি ও এশিয়ান টিভির সাতক্ষীরা জেলা প্রতিনিধি শামীম খান, তালা উপজেলা প্রেসক্লাবের সাধারণ সম্পাদক কামরুজ্জামান মিঠু, তালা প্রেস ক্লাবের সাধারণ সম্পাদক জর্দার ফারুক হোসেন, এমএ ফয়সাল, জুলফিকার রায়হান, শাহীন আলম, মীর মিল্টন, আব্দুল কুদ্দুস, সাংবাদিক গোলাম রব্বানী, আতাউর রহমান, মুফতি এইচ এম এনামুল হক, মহিব, মোখলেছুর রহমান, আবু সাইদ, আল জাবালুল বান্না, আলমগীর হোসেন, আবু সাঈদ, আরিফুল ইসলাম, আবদুল্লাহ আল মামুন, জমির উদ্দিন, সাংবাদিক জলিল আহমেদ, হাসান আলী বাচ্চু, সেলিম হায়দার পাটকেলঘাটা প্রেস ক্লাবের সহ-সভাপতি নাজমুল হক, খলিল, নব কুমার সে, বাবলুর রহমান, সিনিয়র সাংবাদিক এসএম লিয়াকত হোসেন, আজামল হোসেন জুয়েল প্রমুখ।
কালীগঞ্জ যুবদলের ৮ নেতাকর্মী বহিষ্কার
জন্মভূমি ডেস্ক
ঝিনাইদহ-৪ (কালীগঞ্জ) আসনে বিএনপি মনোনীত ধানের শীষের প্রার্থী রাশেদ খানের পক্ষে কাজ না করার অভিযোগে কালীগঞ্জ উপজেলা ও পৌর যুবদলের ৮ নেতাকর্মীকে দল থেকে বহিষ্কার করা হয়েছে। রোববার সকালে জাতীয়তাবাদী যুবদল কেন্দ্রীয় নির্বাহী কমিটির সভাপতি আবদুল মোনায়েম মুন্না ও সাধারণ সম্পাদক মোহাম্মদ নূরুল ইসলাম নয়নের সিদ্ধান্তে দপ্তর সম্পাদক মিনহাজুল ইসলাম ভূইয়া স্বাক্ষরিত এক পত্রে তাদের বহিষ্কার করা হয়। চিঠিতে উল্লেখ করা হয়, ঝিনাইদহের কালীগঞ্জে দলীয় সিদ্ধান্ত অমান্য করে সংগঠনবিরোধী কর্মকাণ্ডে জড়িত থাকার অভিযোগে উপজেলা যুবদলের আহ্বায়ক সুজা উদ্দীন আহাম্মেদ পিয়াল, যুগ্ম আহ্বায়ক মোস্তফা কালাম টিটো, মঞ্জুরুল হক খোকা, মোহাম্মাদ আলী এবং কালীগঞ্জ পৌর যুবদলের সদস্য সচিব জাহিদুল ইসলাম জাহিদ, যুগ্ম আহ্বায়ক আসাদুজ্জামান আসাদ, আব্দুল লতিফ ও ইমরান হোসেনকে প্রাথমিক সদস্যসহ সকল পর্যায়ের পদ থেকে বহিষ্কার করা হয়েছে। প্রসঙ্গত, বহিষ্কৃত এসব নেতা-কর্মীরা ঝিনাইদহ-৪ আসনের স্বতন্ত্র (বিএনপির বিদ্রোহী) প্রার্থী বহিষ্কৃত সাইফুল ইসলাম ফিরোজের পক্ষে নির্বাচনে প্রচার প্রচারণার কাজ করছেন। সাইফুল ইসলাম ফিরোজ এ আসন থেকে বিএনপি দলীয় প্রতীক ধানের শীষ মনোনয়ন প্রত্যাশী ছিলেন। এ আসনে আরো দুই মনোনয়ন প্রত্যাশী ছিলেন কালীগঞ্জ উপজেলা বিএনপি সাবেক যুগ্ম আহ্বায়ক ও সাবেক উপজেলা ছাত্রদলের সভাপতি হামিদুল ইসলাম হামিদ এবং জেলা বিএনপির উপদেষ্টা মণ্ডলীর সদস্য, সাবেক সংসদ সদস্য প্রয়াত এম শহীদুজ্জামান বেল্টুর সহধর্মিণী মুর্শিদা জামান। শেষ পর্যন্ত রাশেদ খানকে দলীয় মনোনয়ন দেয় বিএনপি। পরে হামিদুল ইসলাম হামিদ ও মুর্শিদা জামান দলের সিদ্ধান্ত মেনে নিলেও ফিরোজ স্বতন্ত্র প্রার্থী হিসাবে নির্বাচনে প্রতিদ্বন্দ্বিতা করছেন।
যশোরে সড়ক দুর্ঘটনায় শিশুর মৃত্যু
যশোর অফিস
যশোর সদর উপজেলার চাচড়া ইউনিয়নের সাড়াপোল এলাকায় ইঞ্জিনচালিত ভ্যান দুর্ঘটনায় রিফাত (১০) নামের এক শিশু গুরুতর আহত হয়ে চিকিৎসাধীন অবস্থায় মারা গেছে। পুলিশ ও স্থানীয় সূত্রে জানা যায়, রোববার দুপুরে রিফাত তার বাবার ইঞ্জিনচালিত ভ্যান চালিয়ে বাড়ি থেকে সাড়াপোল বাজারের দিকে যাচ্ছিল। পথিমধ্যে সাড়াপোল ও মথুরাপুরের মাঝামাঝি এলাকায় পৌঁছালে ভ্যানটি নিয়ন্ত্রণ হারিয়ে রাস্তার পাশে একটি গাছের সঙ্গে ধাক্কা লাগে। এতে রিফাত গুরুতর আহত হয়। পরে স্থানীয়রা তাকে উদ্ধার করে যশোর জেনারেল হাসপাতালে নিয়ে ভর্তি করেন। সেখানে হাসপাতালের তৃতীয় তলায় মহিলা ও পেডিয়াট্রিক সার্জারি ওয়ার্ডে চিকিৎসাধীন অবস্থায় বিকেল সাড়ে চারটার দিকে মারা যায়। নিহত রিফাত শুকুর আলীর ছেলে। তার বাড়ি যশোর সদর উপজেলার চাচড়া ইউনিয়নের সাড়াপোল গ্রামে।
জেলা খুলনার যুগ্ম জেলা জজ প্রথম আদালত, খুলনা।
সমন জারীর বিজ্ঞপ্তি
(দেওয়ানী কার্যবিধি আইন এর আদেশ ৫, বিধি ২০(১) (১ক) ধারার বিধান মতে)
মোকদ্দমা নং দেওয়ানী-৪০/২০২৩ যাহার,
বাদীঃ ১। এ,টি, এম হাবিবুল ইসলাম
-বনাম-
বিবাদীঃ হেলেনা খাতুন দিং
এতদ্বারা আপনারা ৭নং বিবাদী- অষ্টমনী দাসী, জং- নিলমনি সরকার, সাং- ছোট বয়রা, পোঃ বয়রা জিপিও, থানা- সোনাডাঙ্গা, জেলা- খুলনা, ১১নং রেয়াজ উদ্দিন, পিতা- মাদার আলী গাজী, সাং- বাকড়া, থানা- আশাশুনি, জেলা-সাতক্ষীরা। আপনাদের সদয় অবগতির জন্য জানানো যাইতেছে যে, আপনাদের বিরুদ্ধে বাদীগণ জেলা খুলনার যুগ্ম জেলা জজ ১ম আদালতে দেওয়ানী ৪০/২০২৩ নং মোকদ্দমা দায়ের করিয়াছেন। উপরোক্ত ঠিকানায় আপনাদেরকে বিবাদী করিয়া বিজ্ঞ আদালত হইতে সমন ইস্যু করা হইলেও আপনাদের উক্ত ঠিকানায় আপনাদের কোন সন্ধান পাওয়া যায় নাই। কাজেই আপনারা ৭ ও ১১ নং বিবাদীগন অত্র বিজ্ঞপ্তি প্রকাশ হওয়ার পর বিজ্ঞ আদালতে আপনার অথবা আপনাদের নিযুক্তীয় কৌশুলীর মাধ্যমে আগামী ইং ৩০/০৩/২০২৬ তারিখে হাজির হইয়া জবাব প্রদান করিবেন। অন্যথায় বিজ্ঞ আদালত আইনগত বা একতরফা ভাবে মোকদ্দমাটি নিষ্পত্তি করিবেন।
স্মারক নং- ১৯(১) তাং- ২৯/০১/২০২৬ইং
আদেশ নং-১৬ তাং- ২৮/০১/২০২৬ইং
আদালতের আদেশক্রমে
মোঃ আব্দুল আজিজ বিশ্বাস
সেরেস্তাদার
যুগ্ম জেলা জজ ১ম আদালত
খুলনা।
সি/৪৭
ফকিরহাটে জামায়াত প্রার্থীর নির্বাচনি জনসভা
ফকিরহাট প্রতিনিধি
বাগেরহাটের ফকিরহাটে বাগেরহাট-১ আসন (ফকিরহাট-মোল্লাহাট-চিতলমারী) এর বাংলাদেশ জামায়াতে ইসলামীর মনোনিত সংসদ সদস্য প্রার্থী অধ্যক্ষ মাওলানা মশিউর রহমান খানের (দাঁড়িপাল্লা) প্রতীকের নির্বাচনি জনসভা অনুষ্ঠিত হয়েছে। রোববার বিকাল ৪টায় উপজেলার বুড়িরবটতলা ঈদগাহ ময়দানে এই জনসভায় প্রধান অতিথির বক্তৃতা করেন বাগেরহাট-১ আসন এর বাংলাদেশ জামায়াতে ইসলামীর সংসদ সদস্য প্রার্থী অধ্যক্ষ মাওলানা মশিউর রহমান খান। বাংলাদেশ জামায়াতে ইসলামীর বাহিরদিয়া-মানসা ইউনিয়নের সভাপতি অধ্যাপক ফরহাদ হোসেনের সভাপতিত্বে অন্যান্যদের মধ্যে বক্তৃতা করেন বাংলাদেশ জামায়াতে ইসলামীর ফকিরহাট উপজেলা শাখার আমির মাওলানা এবিএম তৈয়াবুর রহমান, নির্বাচনি প্রধান এজেন্ট অধ্যাপক মোফাজ্জল হায়দার, বাংলাদেশ জামায়াতে ইসলামীর ফকিরহাট উপজেলা শাখার সেক্রেটারি শেখ আবুল আলা মাসুম।
তেরখাদায় যৌথ বাহিনীর মহড়া অনুষ্ঠিত
তেরখাদা প্রতিনিধি
তেরখাদা উপজেলায় রোববার সকাল ১০টার দিকে নৌবাহিনীর মহড়া অনুষ্ঠিত হয়েছে। এ উপলক্ষে নৌবাহিনীর কন্টিনজেন্ট কমান্ডার লেঃ কমান্ডার আহনাফ মোত্তাকীর নেতৃত্বে যৌথ বাহিনী জাতীয় সংসদ নির্বাচনকে সামনে রেখে উপজেলা সদরের বিভিন্ন স্থানে মহড়া দেয়া হয়। মহড়ায় অর্ধশত অফিসার ফোর্স এ মহড়ায় অংশ নেন। জানা গেছে, ভোটারদের নির্বিঘ্নে ভোট কেন্দ্রে উপস্থিতি নিশ্চিত করা, জনমনে উৎসাহ ও উদ্দীপনা সৃষ্টি করা, আইন শৃঙ্খলা পরিস্থিতির সুষ্ঠু পরিবেশ বজায় রাখার লক্ষ্যে এ মহড়ার আয়োজন করা হয়। নৌবাহিনীর কন্টিনজেন্ট কমান্ডার লেফটেন্যান্ট কমান্ডার আহনাফ মোত্তাকীর নেতৃত্বে পুলিশ ও বিজিবি তেরখাদার নতুন বাসস্ট্যান্ড, পুরাতন বাসস্ট্যান্ড, তেরখাদা সুপার মার্কেট, কাটেঙ্গা বাজার, কাটেঙ্গা চৌরাস্তার মোড়, জয়সেনা বাজার, তেরখাদা বাজার সহ বিভিন্ন স্থানে এ মহড়া পরিচালনা করা হয়। মহড়ার মাধ্যমে নির্বাচনি পরিবেশ শান্তিপূর্ণ রাখতে আইন শৃঙ্খলা বাহিনীর প্রস্তুতি ও তৎপরতার বার্তা সাধারণ মানুষের মাঝে পৌঁছে দেয়া হয়। আসন্ন জাতীয় সংসদ নির্বাচনকে ঘিরে যাতে ভোটাররা নির্ভয়ে ও নিবিঘ্নে ভোটকেন্দ্রে উপস্থিত হতে পারেন সে লক্ষ্যেই নৌবাহিনী, পুলিশ ও বিজিবির সমন্বয়ে এ যৌথ মহড়া পরিচালনা করেন।
পাটকেলঘাটায় কৃষি জমি থেকে মাটি কাটায় ২ লাখ টাকা জরিমানা
জন্মভূমি ডেস্ক
পাটকেলঘাটার বাহাদুরপুর বাজার সংলগ্ন মেসার্স প্রতীক ব্রিক ফিল্ডস দীর্ঘদিন ধরে অবৈধভাবে কৃষি জমি থেকে মাটি উত্তোলন করে আসছিল। রবিবার (১ ফেব্রুয়ারি) সকালে কৃষি জমি থেকে অবৈধভাবে মাটি ও বালু উত্তোলনের দায়ে প্রতিষ্ঠানটির মালিককে ২ লাখ টাকা জরিমানা করা হয়েছে। তালা উপজেলা সহকারী কমিশনার (ভূমি) রাহাত খান এ জরিমানা আদায় করেন। তালা উপজেলা নির্বাহী অফিসার (ইউএনও) মোঃ তারেক হাসান জানান, বালুমহাল ও মাটি ব্যবস্থাপনা আইন, ২০১০-এর ৪ ধারায় মোবাইল কোর্ট পরিচালনা করে ২ লাখ টাকা অর্থদণ্ড প্রদান করা হয়। তিনি আরও জানান, সহকারী কমিশনার (ভূমি) সরেজমিন পরিদর্শনে গিয়ে ঘটনার সত্যতা পান। পরে আইন অনুযায়ী জরিমানা আদায় করা হয় এবং ভবিষ্যতে এ ধরনের কার্যক্রম থেকে বিরত থাকার জন্য সংশ্লিষ্টদের কঠোরভাবে সতর্ক করা হয়েছে।
হারাইয়াছে
আমার আলিম পাশের মূল সার্টিফিকেট যার রোল-মোরেল নম্বর-১৭৬৯৬, রেজিঃ নম্বর-১৯৮৯৩, শিক্ষাবর্ষ-১৯৯২-১৯৯৩, বিভাগ-তৃতীয়, আমতলী ইসলামিয়া সিনিয়র মাদ্রাসা, সাল-১৯৯৪, বাংলাদেশ মাদ্রাসা শিক্ষা বোর্ড, ঢাকা হারাইয়াছে। এ বিষয়ে শরণখোলা থানার জিডি নম্বর-২৮ তারিখ ০১/০২/২০২৬।
মুহাম্মদ হারুনুর রশিদ
পিতা : মোঃ আবু ছাইদ ফরাজী
সি/৪৬
শুধুমাত্র পিত্তপাথর রোগীদের জন্য সুখবর
১। স্বল্প ব্যয়ে করা হয়।
২। বড় কাটা ছাড়া ছিদ্রের মাধ্যমে করা হয়।
৩। জার্মানী মেশিনে ল্যাপরোস্কপিক করা হয়।
৪। মাত্র একদিন থাকলেই হয়।
৫। গরীব ও দুস্থ রোগীদের জন্য বিশেষ ছাড় আছে।
অপারেশন করছেনঃ
প্রফেসর ডাঃ ইসরাইল বিশ্বাস
যোগাযোগঃ
সামেলা মেমোরিয়াল ক্লিনিক
ল্যাপারোস্কপিক সেন্টার
খানজাহান আলী রোড,
সাবেক জামাতখানা, ফেরীঘাট, খুলনা।
সিরিয়ালের জন্য ঃ ০২৪৭৭৭২২২৬৬
০১৭১২-১০৯৯০০
যৌন রোগের স্থায়ী সমাধান!
কস্তুরী	লং টাইম
আশ্চার্য ক্ষমতা যৌন মিলনের পরম বন্ধু। ইহা সেবনে নিস্তেজ, অক্ষম, দুর্বল পুরুষের শক্তি স্থায়ীত্ব বৃদ্ধি ও দ্রুত পতন রোধ করে। ৩০-৩৫ মিনিট বৃদ্ধি করে।
মূল্যঃ ১৮৫০ টাকা। (সম্পূর্ণ পার্শ্ব প্রতিক্রীয়া মুক্ত)
হর্স পাওয়ার অয়েল ও ক্যাস্টরিয়াম ক্রিম
হর্স পাওয়ার অয়েল মূল্য ৪৫০/- ও ক্যাস্টরিয়াম ক্রিম মূল্য ৮৫০/- ইহা ব্যবহারে স্থায়ীভাবে বিশেষ অঙ্গ বড়, মোটা ও লম্বাসহ নিস্তেজ নুয়ে পড়া বিশেষ অঙ্গ লৌহ দন্ডের ন্যায় শক্ত ও সবল হয়।
স্থায়ী স্বাস্থ্যবান ও মোটা হউন
বডি গোল্ড = ১০৫০ টাকা
বাংলাদেশ হারবাল
টুটপাড়া কবরস্থান মোড় (নিচতলা), খুলনা।
01711-01 89 88
